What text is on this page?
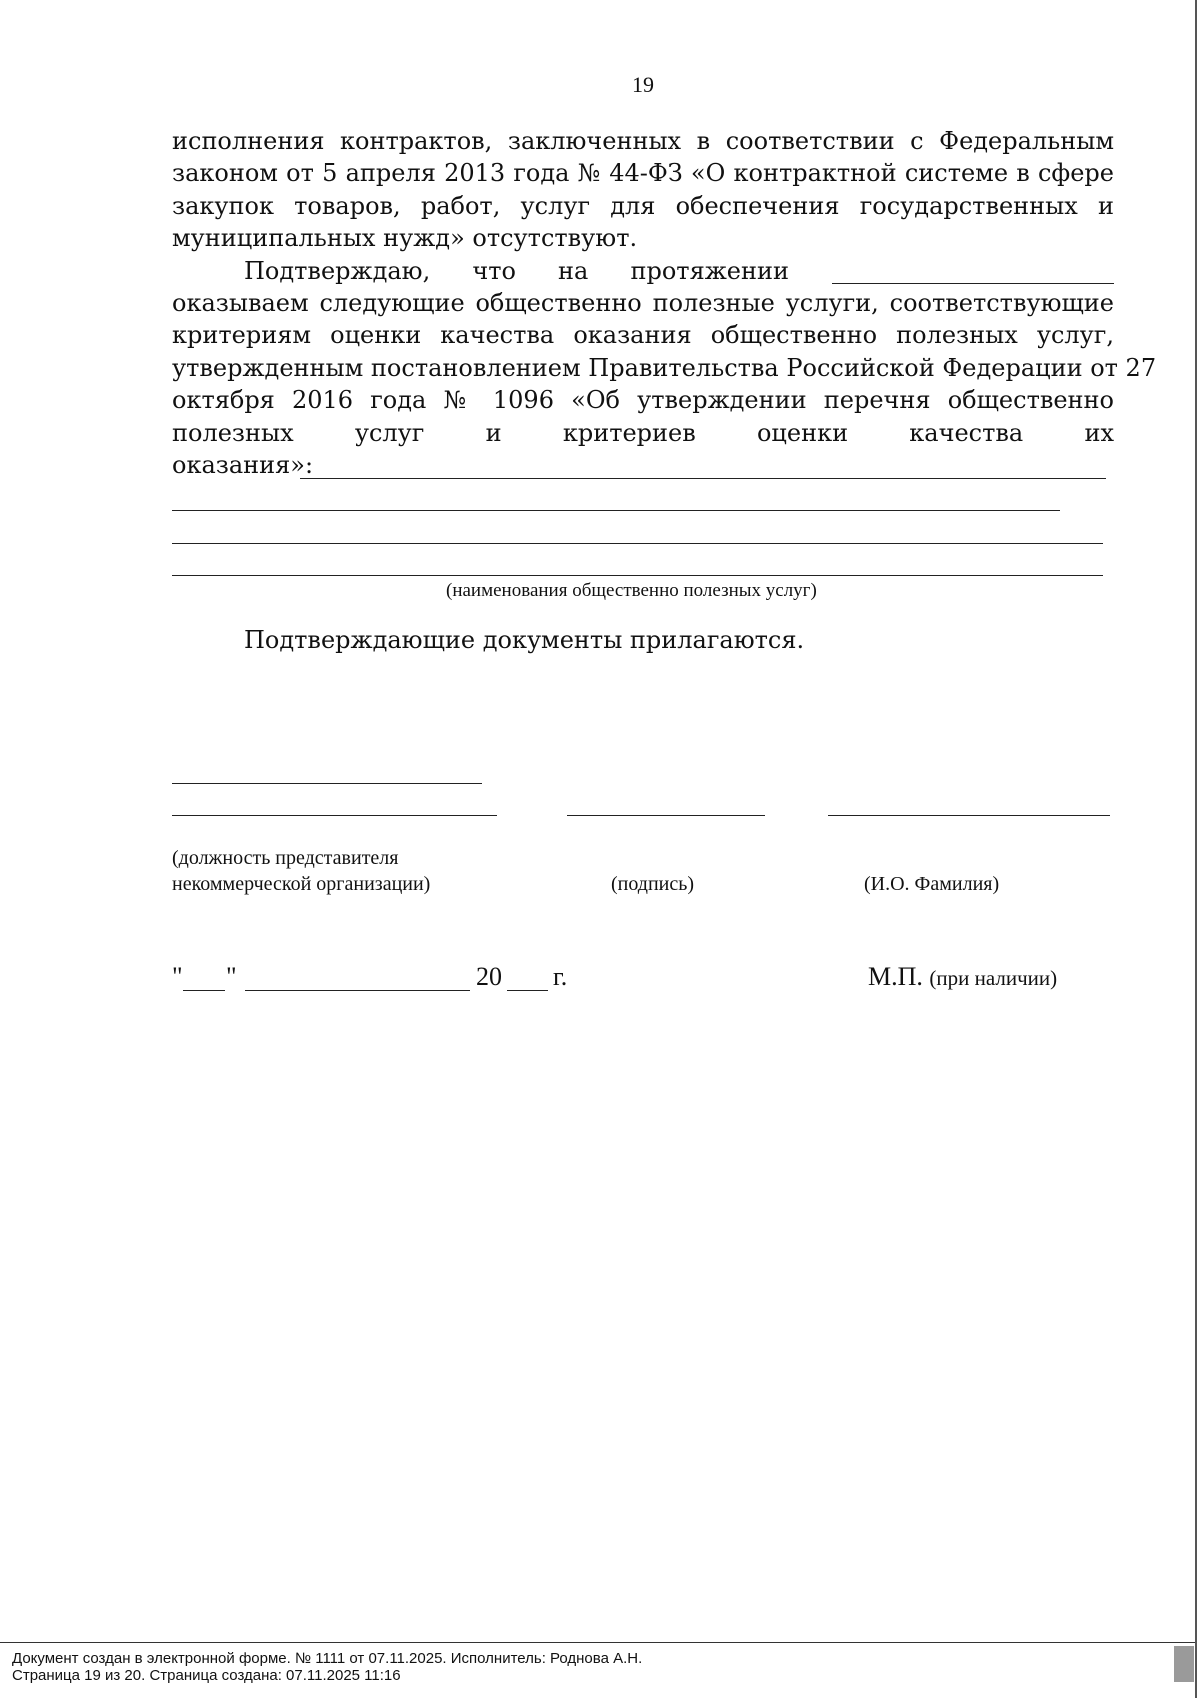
19
исполнения контрактов, заключенных в соответствии с Федеральным
законом от 5 апреля 2013 года № 44-ФЗ «О контрактной системе в сфере
закупок товаров, работ, услуг для обеспечения государственных и
муниципальных нужд» отсутствуют.
Подтверждаю, что на протяжении
оказываем следующие общественно полезные услуги, соответствующие
критериям оценки качества оказания общественно полезных услуг,
утвержденным постановлением Правительства Российской Федерации от 27
октября 2016 года № 1096 «Об утверждении перечня общественно
полезных услуг и критериев оценки качества их
оказания»:
(наименования общественно полезных услуг)
Подтверждающие документы прилагаются.
(должность представителя
некоммерческой организации)	(подпись)	(И.О. Фамилия)
" "	20 г.	М.П. (при наличии)
Документ создан в электронной форме. № 1111 от 07.11.2025. Исполнитель: Роднова А.Н.
Страница 19 из 20. Страница создана: 07.11.2025 11:16
